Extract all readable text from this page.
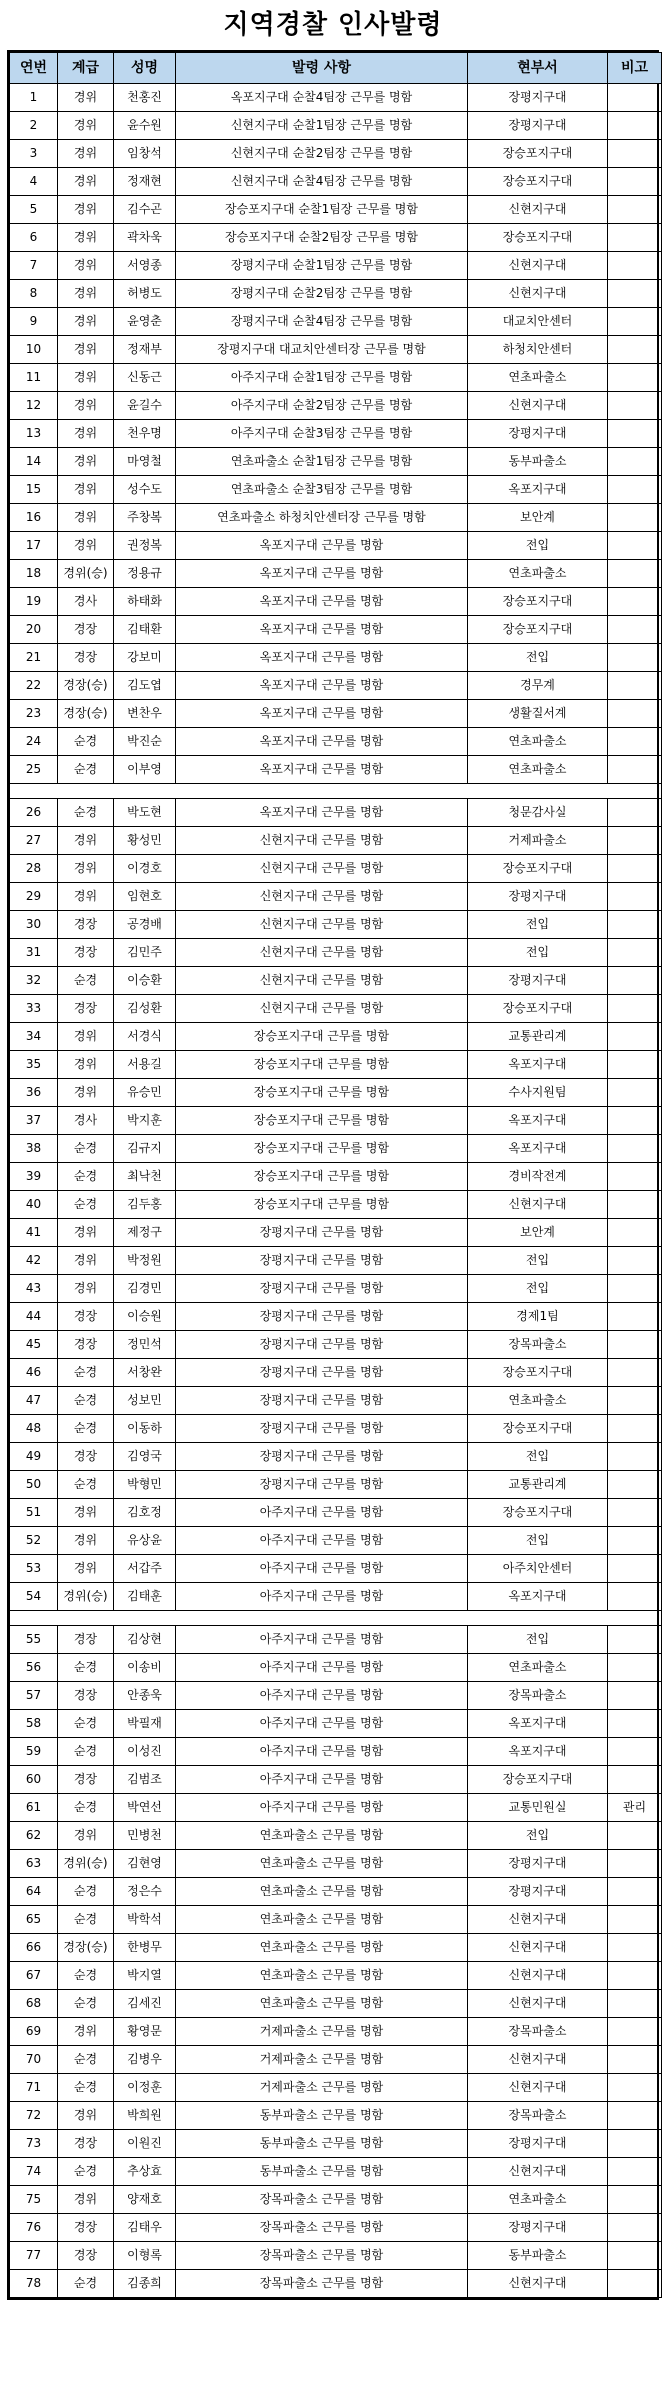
지역경찰 인사발령
연번	계급	성명	발령 사항	현부서	비고
1	경위	천홍진	옥포지구대 순찰4팀장 근무를 명함	장평지구대	
2	경위	윤수원	신현지구대 순찰1팀장 근무를 명함	장평지구대	
3	경위	임창석	신현지구대 순찰2팀장 근무를 명함	장승포지구대	
4	경위	정재현	신현지구대 순찰4팀장 근무를 명함	장승포지구대	
5	경위	김수곤	장승포지구대 순찰1팀장 근무를 명함	신현지구대	
6	경위	곽차욱	장승포지구대 순찰2팀장 근무를 명함	장승포지구대	
7	경위	서영종	장평지구대 순찰1팀장 근무를 명함	신현지구대	
8	경위	허병도	장평지구대 순찰2팀장 근무를 명함	신현지구대	
9	경위	윤영춘	장평지구대 순찰4팀장 근무를 명함	대교치안센터	
10	경위	정재부	장평지구대 대교치안센터장 근무를 명함	하청치안센터	
11	경위	신동근	아주지구대 순찰1팀장 근무를 명함	연초파출소	
12	경위	윤길수	아주지구대 순찰2팀장 근무를 명함	신현지구대	
13	경위	천우명	아주지구대 순찰3팀장 근무를 명함	장평지구대	
14	경위	마영철	연초파출소 순찰1팀장 근무를 명함	동부파출소	
15	경위	성수도	연초파출소 순찰3팀장 근무를 명함	옥포지구대	
16	경위	주창복	연초파출소 하청치안센터장 근무를 명함	보안계	
17	경위	권정복	옥포지구대 근무를 명함	전입	
18	경위(승)	정용규	옥포지구대 근무를 명함	연초파출소	
19	경사	하태화	옥포지구대 근무를 명함	장승포지구대	
20	경장	김태환	옥포지구대 근무를 명함	장승포지구대	
21	경장	강보미	옥포지구대 근무를 명함	전입	
22	경장(승)	김도엽	옥포지구대 근무를 명함	경무계	
23	경장(승)	변찬우	옥포지구대 근무를 명함	생활질서계	
24	순경	박진순	옥포지구대 근무를 명함	연초파출소	
25	순경	이부영	옥포지구대 근무를 명함	연초파출소	

26	순경	박도현	옥포지구대 근무를 명함	청문감사실	
27	경위	황성민	신현지구대 근무를 명함	거제파출소	
28	경위	이경호	신현지구대 근무를 명함	장승포지구대	
29	경위	임현호	신현지구대 근무를 명함	장평지구대	
30	경장	공경배	신현지구대 근무를 명함	전입	
31	경장	김민주	신현지구대 근무를 명함	전입	
32	순경	이승환	신현지구대 근무를 명함	장평지구대	
33	경장	김성환	신현지구대 근무를 명함	장승포지구대	
34	경위	서경식	장승포지구대 근무를 명함	교통관리계	
35	경위	서용길	장승포지구대 근무를 명함	옥포지구대	
36	경위	유승민	장승포지구대 근무를 명함	수사지원팀	
37	경사	박지훈	장승포지구대 근무를 명함	옥포지구대	
38	순경	김규지	장승포지구대 근무를 명함	옥포지구대	
39	순경	최낙천	장승포지구대 근무를 명함	경비작전계	
40	순경	김두홍	장승포지구대 근무를 명함	신현지구대	
41	경위	제정구	장평지구대 근무를 명함	보안계	
42	경위	박정원	장평지구대 근무를 명함	전입	
43	경위	김경민	장평지구대 근무를 명함	전입	
44	경장	이승원	장평지구대 근무를 명함	경제1팀	
45	경장	정민석	장평지구대 근무를 명함	장목파출소	
46	순경	서창완	장평지구대 근무를 명함	장승포지구대	
47	순경	성보민	장평지구대 근무를 명함	연초파출소	
48	순경	이동하	장평지구대 근무를 명함	장승포지구대	
49	경장	김영국	장평지구대 근무를 명함	전입	
50	순경	박형민	장평지구대 근무를 명함	교통관리계	
51	경위	김호정	아주지구대 근무를 명함	장승포지구대	
52	경위	유상윤	아주지구대 근무를 명함	전입	
53	경위	서갑주	아주지구대 근무를 명함	아주치안센터	
54	경위(승)	김태훈	아주지구대 근무를 명함	옥포지구대	

55	경장	김상현	아주지구대 근무를 명함	전입	
56	순경	이송비	아주지구대 근무를 명함	연초파출소	
57	경장	안종욱	아주지구대 근무를 명함	장목파출소	
58	순경	박필재	아주지구대 근무를 명함	옥포지구대	
59	순경	이성진	아주지구대 근무를 명함	옥포지구대	
60	경장	김범조	아주지구대 근무를 명함	장승포지구대	
61	순경	박연선	아주지구대 근무를 명함	교통민원실	관리
62	경위	민병천	연초파출소 근무를 명함	전입	
63	경위(승)	김현영	연초파출소 근무를 명함	장평지구대	
64	순경	정은수	연초파출소 근무를 명함	장평지구대	
65	순경	박학석	연초파출소 근무를 명함	신현지구대	
66	경장(승)	한병무	연초파출소 근무를 명함	신현지구대	
67	순경	박지열	연초파출소 근무를 명함	신현지구대	
68	순경	김세진	연초파출소 근무를 명함	신현지구대	
69	경위	황영문	거제파출소 근무를 명함	장목파출소	
70	순경	김병우	거제파출소 근무를 명함	신현지구대	
71	순경	이정훈	거제파출소 근무를 명함	신현지구대	
72	경위	박희원	동부파출소 근무를 명함	장목파출소	
73	경장	이원진	동부파출소 근무를 명함	장평지구대	
74	순경	추상효	동부파출소 근무를 명함	신현지구대	
75	경위	양재호	장목파출소 근무를 명함	연초파출소	
76	경장	김태우	장목파출소 근무를 명함	장평지구대	
77	경장	이형록	장목파출소 근무를 명함	동부파출소	
78	순경	김종희	장목파출소 근무를 명함	신현지구대	
